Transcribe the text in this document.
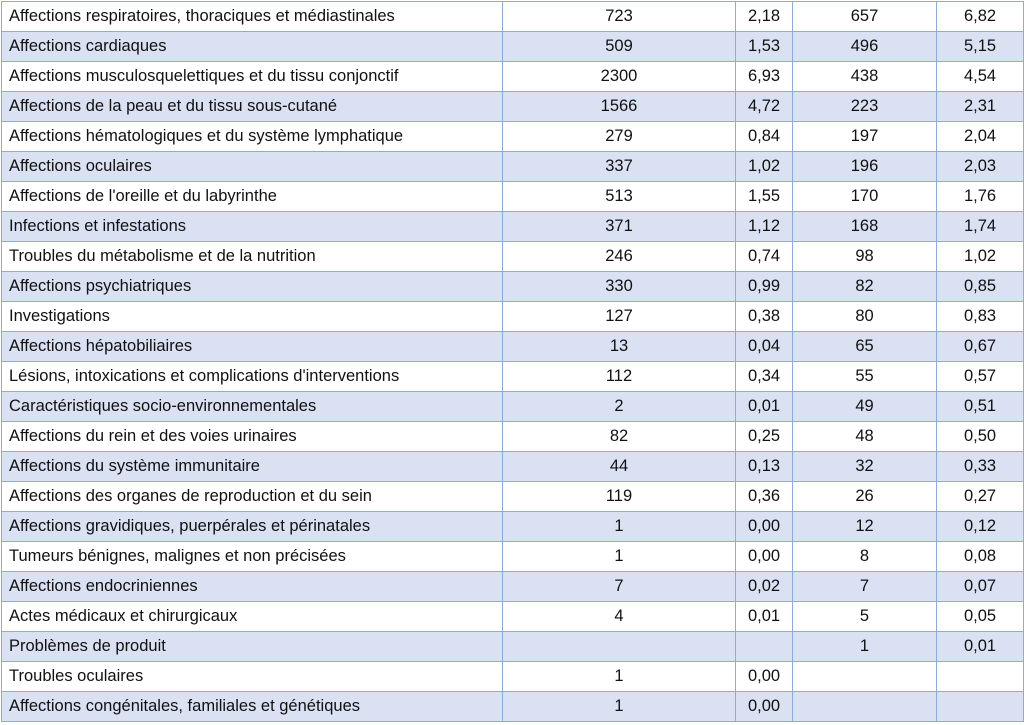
Affections respiratoires, thoraciques et médiastinales	723	2,18	657	6,82
Affections cardiaques	509	1,53	496	5,15
Affections musculosquelettiques et du tissu conjonctif	2300	6,93	438	4,54
Affections de la peau et du tissu sous-cutané	1566	4,72	223	2,31
Affections hématologiques et du système lymphatique	279	0,84	197	2,04
Affections oculaires	337	1,02	196	2,03
Affections de l'oreille et du labyrinthe	513	1,55	170	1,76
Infections et infestations	371	1,12	168	1,74
Troubles du métabolisme et de la nutrition	246	0,74	98	1,02
Affections psychiatriques	330	0,99	82	0,85
Investigations	127	0,38	80	0,83
Affections hépatobiliaires	13	0,04	65	0,67
Lésions, intoxications et complications d'interventions	112	0,34	55	0,57
Caractéristiques socio-environnementales	2	0,01	49	0,51
Affections du rein et des voies urinaires	82	0,25	48	0,50
Affections du système immunitaire	44	0,13	32	0,33
Affections des organes de reproduction et du sein	119	0,36	26	0,27
Affections gravidiques, puerpérales et périnatales	1	0,00	12	0,12
Tumeurs bénignes, malignes et non précisées	1	0,00	8	0,08
Affections endocriniennes	7	0,02	7	0,07
Actes médicaux et chirurgicaux	4	0,01	5	0,05
Problèmes de produit			1	0,01
Troubles oculaires	1	0,00		
Affections congénitales, familiales et génétiques	1	0,00		
